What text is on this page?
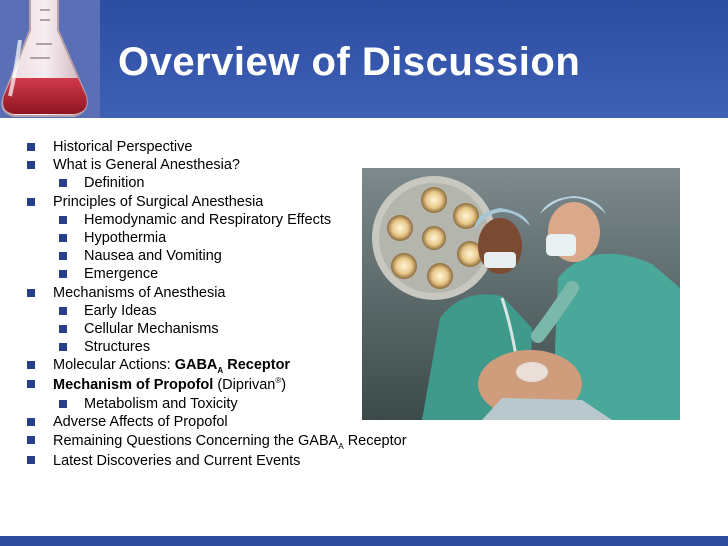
Overview of Discussion
Historical Perspective
What is General Anesthesia?
Definition
Principles of Surgical Anesthesia
Hemodynamic and Respiratory Effects
Hypothermia
Nausea and Vomiting
Emergence
Mechanisms of Anesthesia
Early Ideas
Cellular Mechanisms
Structures
Molecular Actions: $GABA_A$ Receptor
Mechanism of Propofol (Diprivan®)
Metabolism and Toxicity
Adverse Affects of Propofol
Remaining Questions Concerning the $GABA_A$ Receptor
Latest Discoveries and Current Events
